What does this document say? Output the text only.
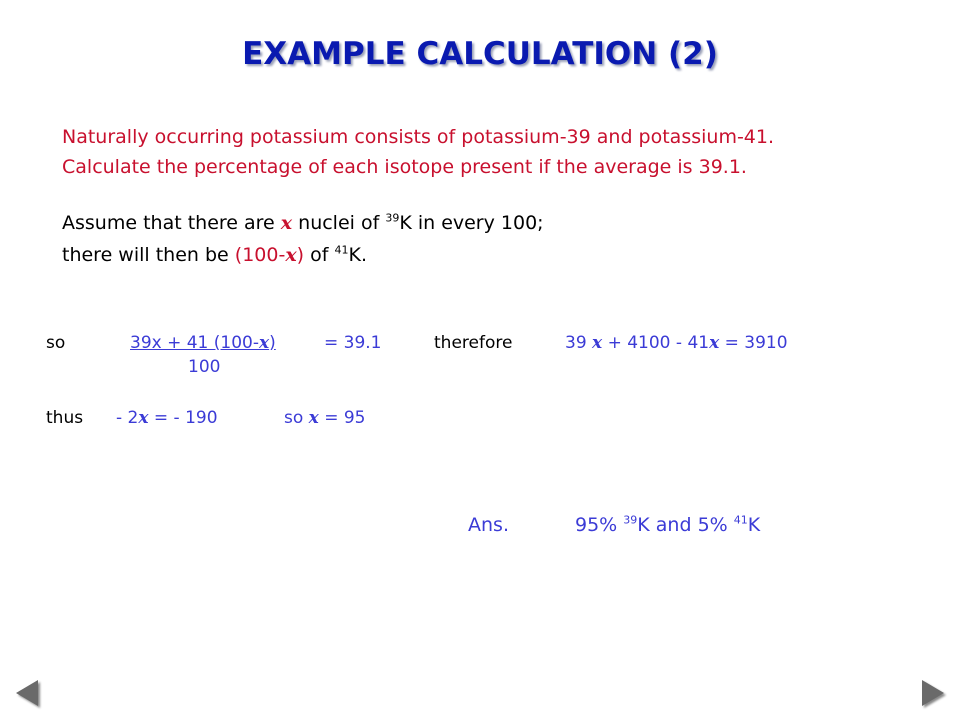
EXAMPLE CALCULATION (2)
Naturally occurring potassium consists of potassium-39 and potassium-41.
Calculate the percentage of each isotope present if the average is 39.1.
Assume that there are x nuclei of $^{39}$K in every 100;
there will then be (100-x) of $^{41}$K.
so	39x + 41 (100-x)	= 39.1
100
therefore	39 x + 4100 - 41x = 3910
thus - 2x = - 190	so x = 95
Ans.	95% $^{39}$K and 5% $^{41}$K
